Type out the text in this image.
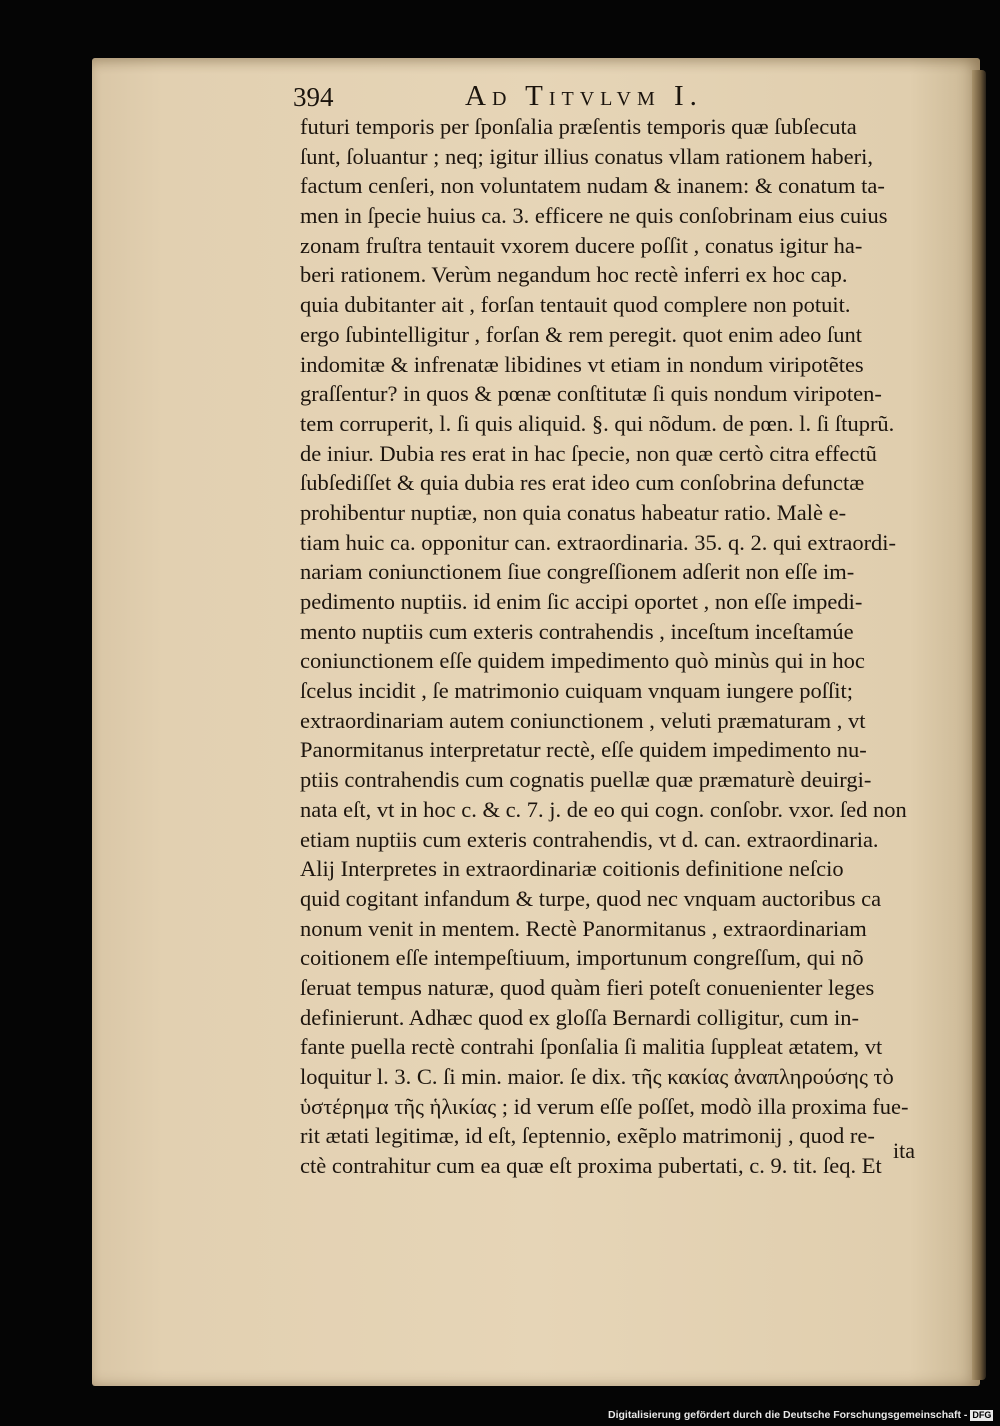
394	Ad Titvlvm I.
futuri temporis per ſponſalia præſentis temporis quæ ſubſecuta
ſunt, ſoluantur ; neq; igitur illius conatus vllam rationem haberi,
factum cenſeri, non voluntatem nudam & inanem: & conatum ta-
men in ſpecie huius ca. 3. efficere ne quis conſobrinam eius cuius
zonam fruſtra tentauit vxorem ducere poſſit , conatus igitur ha-
beri rationem. Verùm negandum hoc rectè inferri ex hoc cap.
quia dubitanter ait , forſan tentauit quod complere non potuit.
ergo ſubintelligitur , forſan & rem peregit. quot enim adeo ſunt
indomitæ & infrenatæ libidines vt etiam in nondum viripotẽtes
graſſentur? in quos & pœnæ conſtitutæ ſi quis nondum viripoten-
tem corruperit, l. ſi quis aliquid. §. qui nõdum. de pœn. l. ſi ſtuprũ.
de iniur. Dubia res erat in hac ſpecie, non quæ certò citra effectũ
ſubſediſſet & quia dubia res erat ideo cum conſobrina defunctæ
prohibentur nuptiæ, non quia conatus habeatur ratio. Malè e-
tiam huic ca. opponitur can. extraordinaria. 35. q. 2. qui extraordi-
nariam coniunctionem ſiue congreſſionem adſerit non eſſe im-
pedimento nuptiis. id enim ſic accipi oportet , non eſſe impedi-
mento nuptiis cum exteris contrahendis , inceſtum inceſtamúe
coniunctionem eſſe quidem impedimento quò minùs qui in hoc
ſcelus incidit , ſe matrimonio cuiquam vnquam iungere poſſit;
extraordinariam autem coniunctionem , veluti præmaturam , vt
Panormitanus interpretatur rectè, eſſe quidem impedimento nu-
ptiis contrahendis cum cognatis puellæ quæ præmaturè deuirgi-
nata eſt, vt in hoc c. & c. 7. j. de eo qui cogn. conſobr. vxor. ſed non
etiam nuptiis cum exteris contrahendis, vt d. can. extraordinaria.
Alij Interpretes in extraordinariæ coitionis definitione neſcio
quid cogitant infandum & turpe, quod nec vnquam auctoribus ca
nonum venit in mentem. Rectè Panormitanus , extraordinariam
coitionem eſſe intempeſtiuum, importunum congreſſum, qui nõ
ſeruat tempus naturæ, quod quàm fieri poteſt conuenienter leges
definierunt. Adhæc quod ex gloſſa Bernardi colligitur, cum in-
fante puella rectè contrahi ſponſalia ſi malitia ſuppleat ætatem, vt
loquitur l. 3. C. ſi min. maior. ſe dix. τῆς κακίας ἀναπληρούσης τὸ
ὑστέρημα τῆς ἡλικίας ; id verum eſſe poſſet, modò illa proxima fue-
rit ætati legitimæ, id eſt, ſeptennio, exẽplo matrimonij , quod re-
ctè contrahitur cum ea quæ eſt proxima pubertati, c. 9. tit. ſeq. Et
ita
Digitalisierung gefördert durch die Deutsche Forschungsgemeinschaft - DFG
